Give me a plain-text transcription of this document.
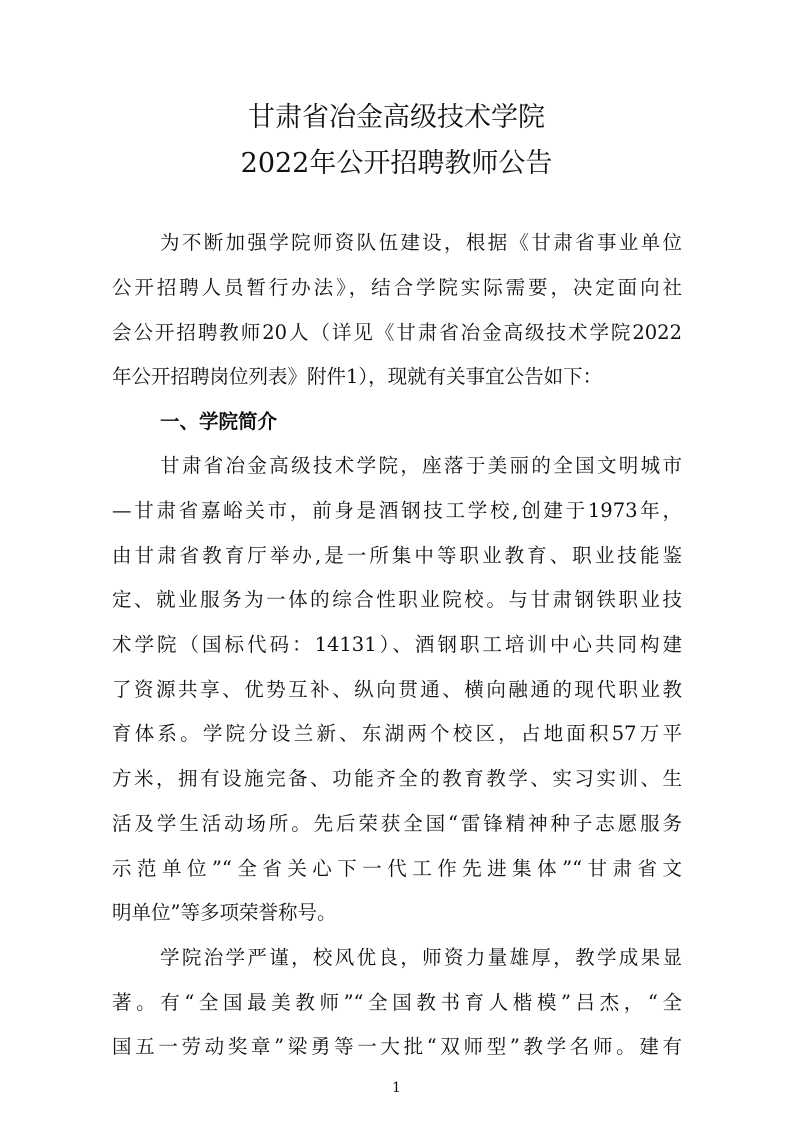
甘肃省冶金高级技术学院
2022年公开招聘教师公告
为不断加强学院师资队伍建设，根据《甘肃省事业单位
公开招聘人员暂行办法》，结合学院实际需要，决定面向社
会公开招聘教师20人（详见《甘肃省冶金高级技术学院2022
年公开招聘岗位列表》附件1），现就有关事宜公告如下：
一、学院简介
甘肃省冶金高级技术学院，座落于美丽的全国文明城市
—甘肃省嘉峪关市，前身是酒钢技工学校,创建于1973年，
由甘肃省教育厅举办,是一所集中等职业教育、职业技能鉴
定、就业服务为一体的综合性职业院校。与甘肃钢铁职业技
术学院（国标代码：14131）、酒钢职工培训中心共同构建
了资源共享、优势互补、纵向贯通、横向融通的现代职业教
育体系。学院分设兰新、东湖两个校区，占地面积57万平
方米，拥有设施完备、功能齐全的教育教学、实习实训、生
活及学生活动场所。先后荣获全国“雷锋精神种子志愿服务
示范单位”“全省关心下一代工作先进集体”“甘肃省文
明单位”等多项荣誉称号。
学院治学严谨，校风优良，师资力量雄厚，教学成果显
著。有“全国最美教师”“全国教书育人楷模”吕杰，“全
国五一劳动奖章”梁勇等一大批“双师型”教学名师。建有
1
